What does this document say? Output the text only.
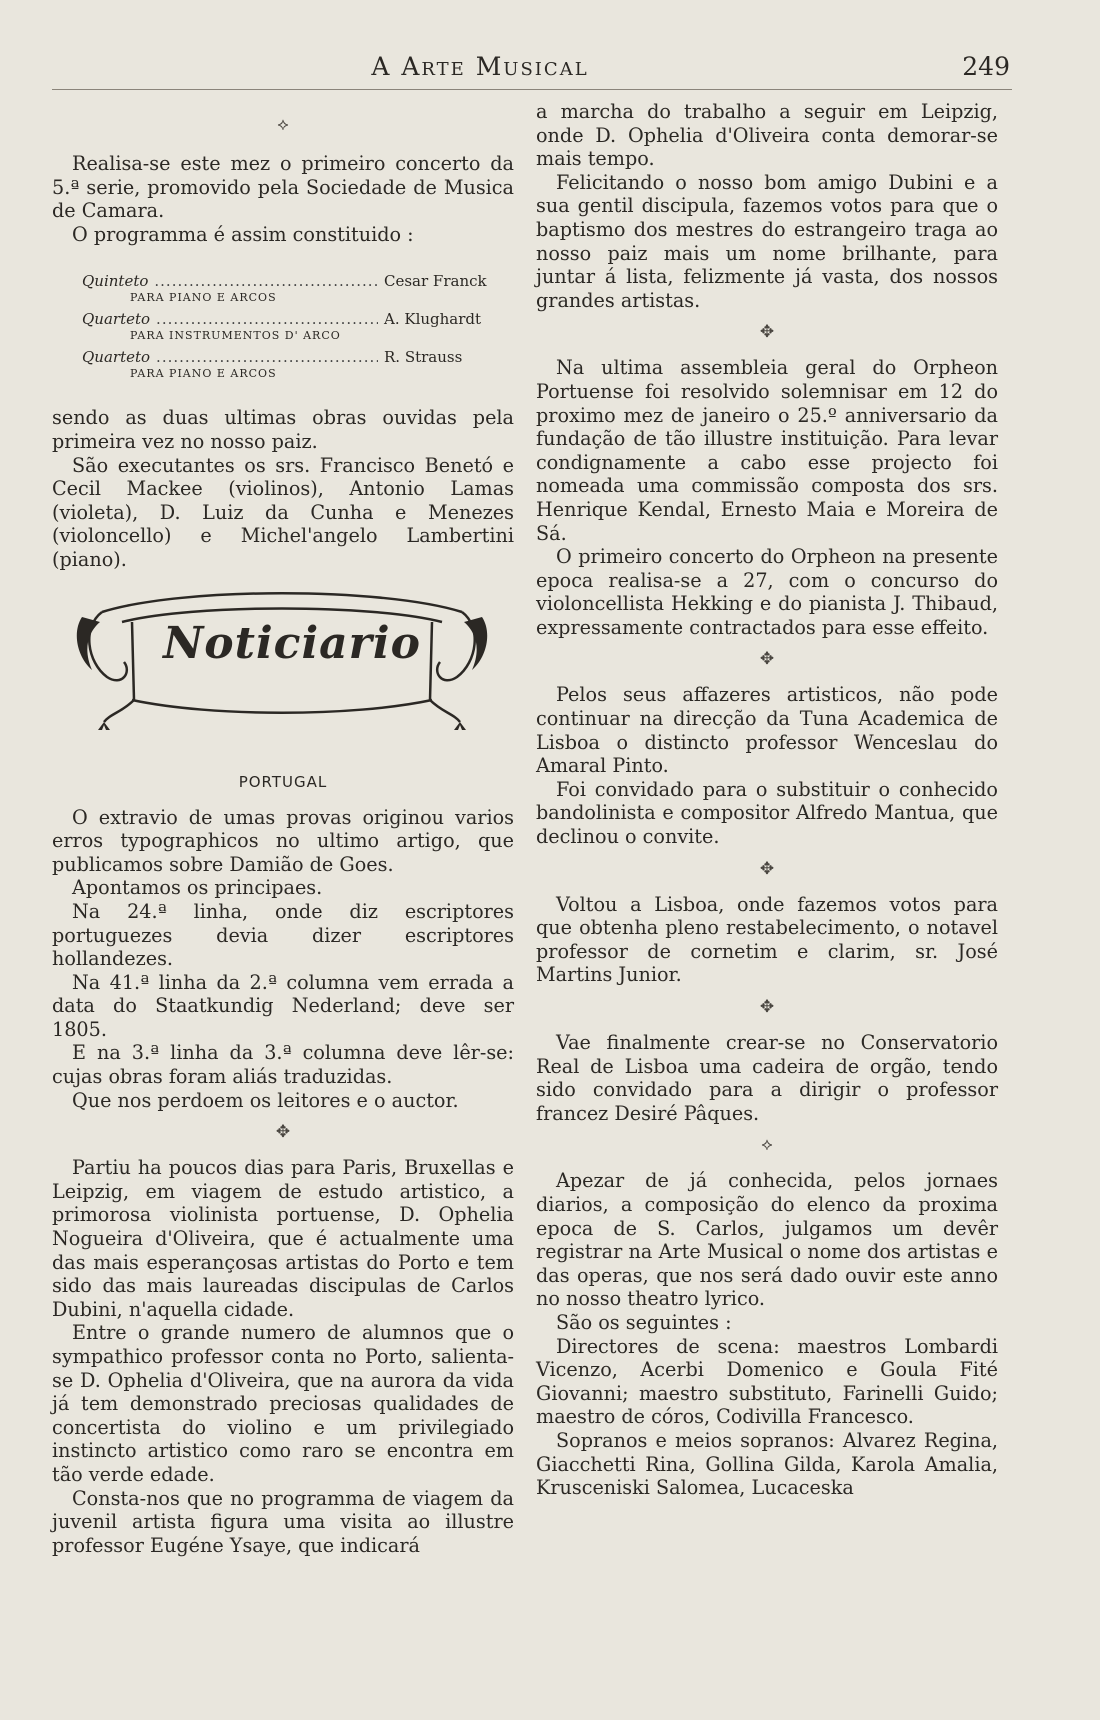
A Arte Musical	249
⟡

Realisa-se este mez o primeiro concerto da 5.ª serie, promovido pela Sociedade de Musica de Camara.

O programma é assim constituido :

Quinteto .....	Cesar Franck
PARA PIANO E ARCOS
Quarteto .....	A. Klughardt
PARA INSTRUMENTOS D' ARCO
Quarteto .....	R. Strauss
PARA PIANO E ARCOS

sendo as duas ultimas obras ouvidas pela primeira vez no nosso paiz.

São executantes os srs. Francisco Benetó e Cecil Mackee (violinos), Antonio Lamas (violeta), D. Luiz da Cunha e Menezes (violoncello) e Michel'angelo Lambertini (piano).

Noticiario
PORTUGAL

O extravio de umas provas originou varios erros typographicos no ultimo artigo, que publicamos sobre Damião de Goes.

Apontamos os principaes.

Na 24.ª linha, onde diz escriptores portuguezes devia dizer escriptores hollandezes.

Na 41.ª linha da 2.ª columna vem errada a data do Staatkundig Nederland; deve ser 1805.

E na 3.ª linha da 3.ª columna deve lêr-se: cujas obras foram aliás traduzidas.

Que nos perdoem os leitores e o auctor.

✥

Partiu ha poucos dias para Paris, Bruxellas e Leipzig, em viagem de estudo artistico, a primorosa violinista portuense, D. Ophelia Nogueira d'Oliveira, que é actualmente uma das mais esperançosas artistas do Porto e tem sido das mais laureadas discipulas de Carlos Dubini, n'aquella cidade.

Entre o grande numero de alumnos que o sympathico professor conta no Porto, salienta-se D. Ophelia d'Oliveira, que na aurora da vida já tem demonstrado preciosas qualidades de concertista do violino e um privilegiado instincto artistico como raro se encontra em tão verde edade.

Consta-nos que no programma de viagem da juvenil artista figura uma visita ao illustre professor Eugéne Ysaye, que indicará

a marcha do trabalho a seguir em Leipzig, onde D. Ophelia d'Oliveira conta demorar-se mais tempo.

Felicitando o nosso bom amigo Dubini e a sua gentil discipula, fazemos votos para que o baptismo dos mestres do estrangeiro traga ao nosso paiz mais um nome brilhante, para juntar á lista, felizmente já vasta, dos nossos grandes artistas.

✥

Na ultima assembleia geral do Orpheon Portuense foi resolvido solemnisar em 12 do proximo mez de janeiro o 25.º anniversario da fundação de tão illustre instituição. Para levar condignamente a cabo esse projecto foi nomeada uma commissão composta dos srs. Henrique Kendal, Ernesto Maia e Moreira de Sá.

O primeiro concerto do Orpheon na presente epoca realisa-se a 27, com o concurso do violoncellista Hekking e do pianista J. Thibaud, expressamente contractados para esse effeito.

✥

Pelos seus affazeres artisticos, não pode continuar na direcção da Tuna Academica de Lisboa o distincto professor Wenceslau do Amaral Pinto.

Foi convidado para o substituir o conhecido bandolinista e compositor Alfredo Mantua, que declinou o convite.

✥

Voltou a Lisboa, onde fazemos votos para que obtenha pleno restabelecimento, o notavel professor de cornetim e clarim, sr. José Martins Junior.

✥

Vae finalmente crear-se no Conservatorio Real de Lisboa uma cadeira de orgão, tendo sido convidado para a dirigir o professor francez Desiré Pâques.

⟡

Apezar de já conhecida, pelos jornaes diarios, a composição do elenco da proxima epoca de S. Carlos, julgamos um devêr registrar na Arte Musical o nome dos artistas e das operas, que nos será dado ouvir este anno no nosso theatro lyrico.

São os seguintes :

Directores de scena: maestros Lombardi Vicenzo, Acerbi Domenico e Goula Fité Giovanni; maestro substituto, Farinelli Guido; maestro de córos, Codivilla Francesco.

Sopranos e meios sopranos: Alvarez Regina, Giacchetti Rina, Gollina Gilda, Karola Amalia, Krusceniski Salomea, Lucaceska
